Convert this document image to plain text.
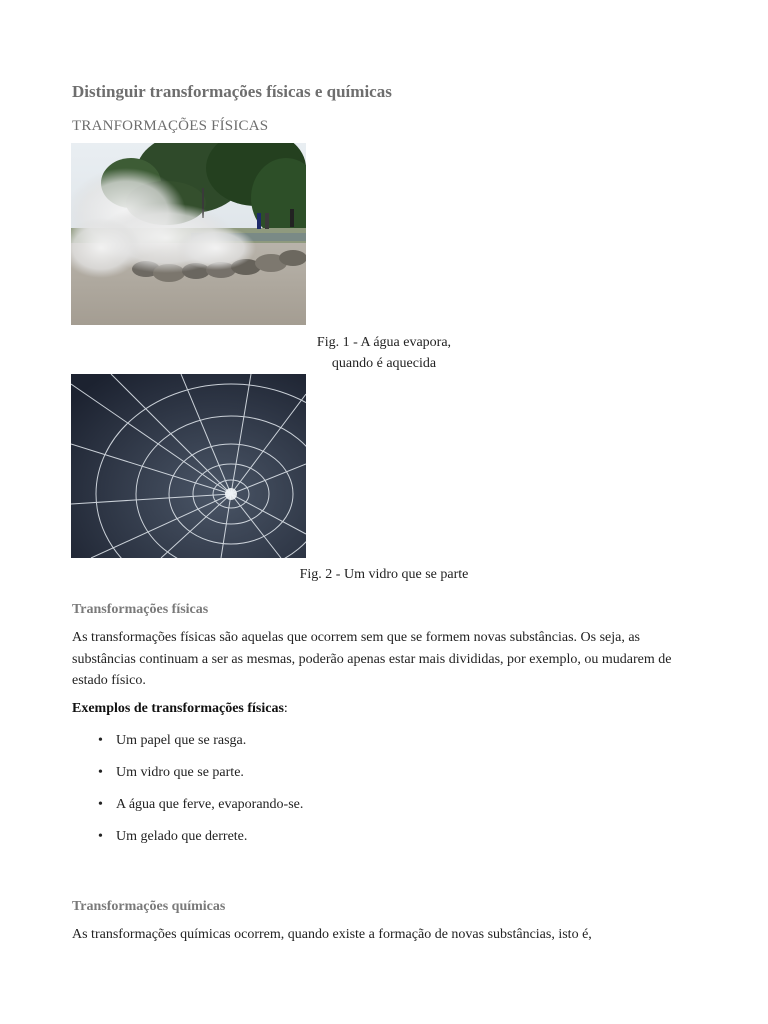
Distinguir transformações físicas e químicas
TRANFORMAÇÕES FÍSICAS
Fig. 1 - A água evapora,
quando é aquecida
Fig. 2 - Um vidro que se parte
Transformações físicas
As transformações físicas são aquelas que ocorrem sem que se formem novas substâncias. Os seja, as substâncias continuam a ser as mesmas, poderão apenas estar mais divididas, por exemplo, ou mudarem de estado físico.
Exemplos de transformações físicas:
• Um papel que se rasga.
• Um vidro que se parte.
• A água que ferve, evaporando-se.
• Um gelado que derrete.
Transformações químicas
As transformações químicas ocorrem, quando existe a formação de novas substâncias, isto é,
